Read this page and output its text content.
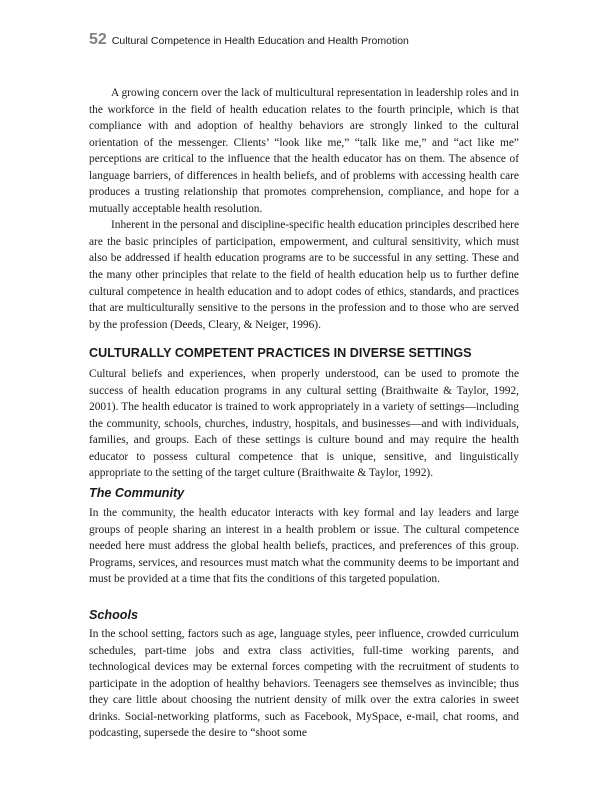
52 Cultural Competence in Health Education and Health Promotion

A growing concern over the lack of multicultural representation in leadership roles and in the workforce in the field of health education relates to the fourth principle, which is that compliance with and adoption of healthy behaviors are strongly linked to the cultural orientation of the messenger. Clients’ “look like me,” “talk like me,” and “act like me” perceptions are critical to the influence that the health educator has on them. The absence of language barriers, of differences in health beliefs, and of problems with accessing health care produces a trusting relationship that promotes comprehension, compliance, and hope for a mutually acceptable health resolution.

Inherent in the personal and discipline-specific health education principles described here are the basic principles of participation, empowerment, and cultural sensitivity, which must also be addressed if health education programs are to be successful in any setting. These and the many other principles that relate to the field of health education help us to further define cultural competence in health education and to adopt codes of ethics, standards, and practices that are multiculturally sensitive to the persons in the profession and to those who are served by the profession (Deeds, Cleary, & Neiger, 1996).

CULTURALLY COMPETENT PRACTICES IN DIVERSE SETTINGS

Cultural beliefs and experiences, when properly understood, can be used to promote the success of health education programs in any cultural setting (Braithwaite & Taylor, 1992, 2001). The health educator is trained to work appropriately in a variety of settings—including the community, schools, churches, industry, hospitals, and businesses—and with individuals, families, and groups. Each of these settings is culture bound and may require the health educator to possess cultural competence that is unique, sensitive, and linguistically appropriate to the setting of the target culture (Braithwaite & Taylor, 1992).

The Community

In the community, the health educator interacts with key formal and lay leaders and large groups of people sharing an interest in a health problem or issue. The cultural competence needed here must address the global health beliefs, practices, and preferences of this group. Programs, services, and resources must match what the community deems to be important and must be provided at a time that fits the conditions of this targeted population.

Schools

In the school setting, factors such as age, language styles, peer influence, crowded curriculum schedules, part-time jobs and extra class activities, full-time working parents, and technological devices may be external forces competing with the recruitment of students to participate in the adoption of healthy behaviors. Teenagers see themselves as invincible; thus they care little about choosing the nutrient density of milk over the extra calories in sweet drinks. Social-networking platforms, such as Facebook, MySpace, e-mail, chat rooms, and podcasting, supersede the desire to “shoot some
